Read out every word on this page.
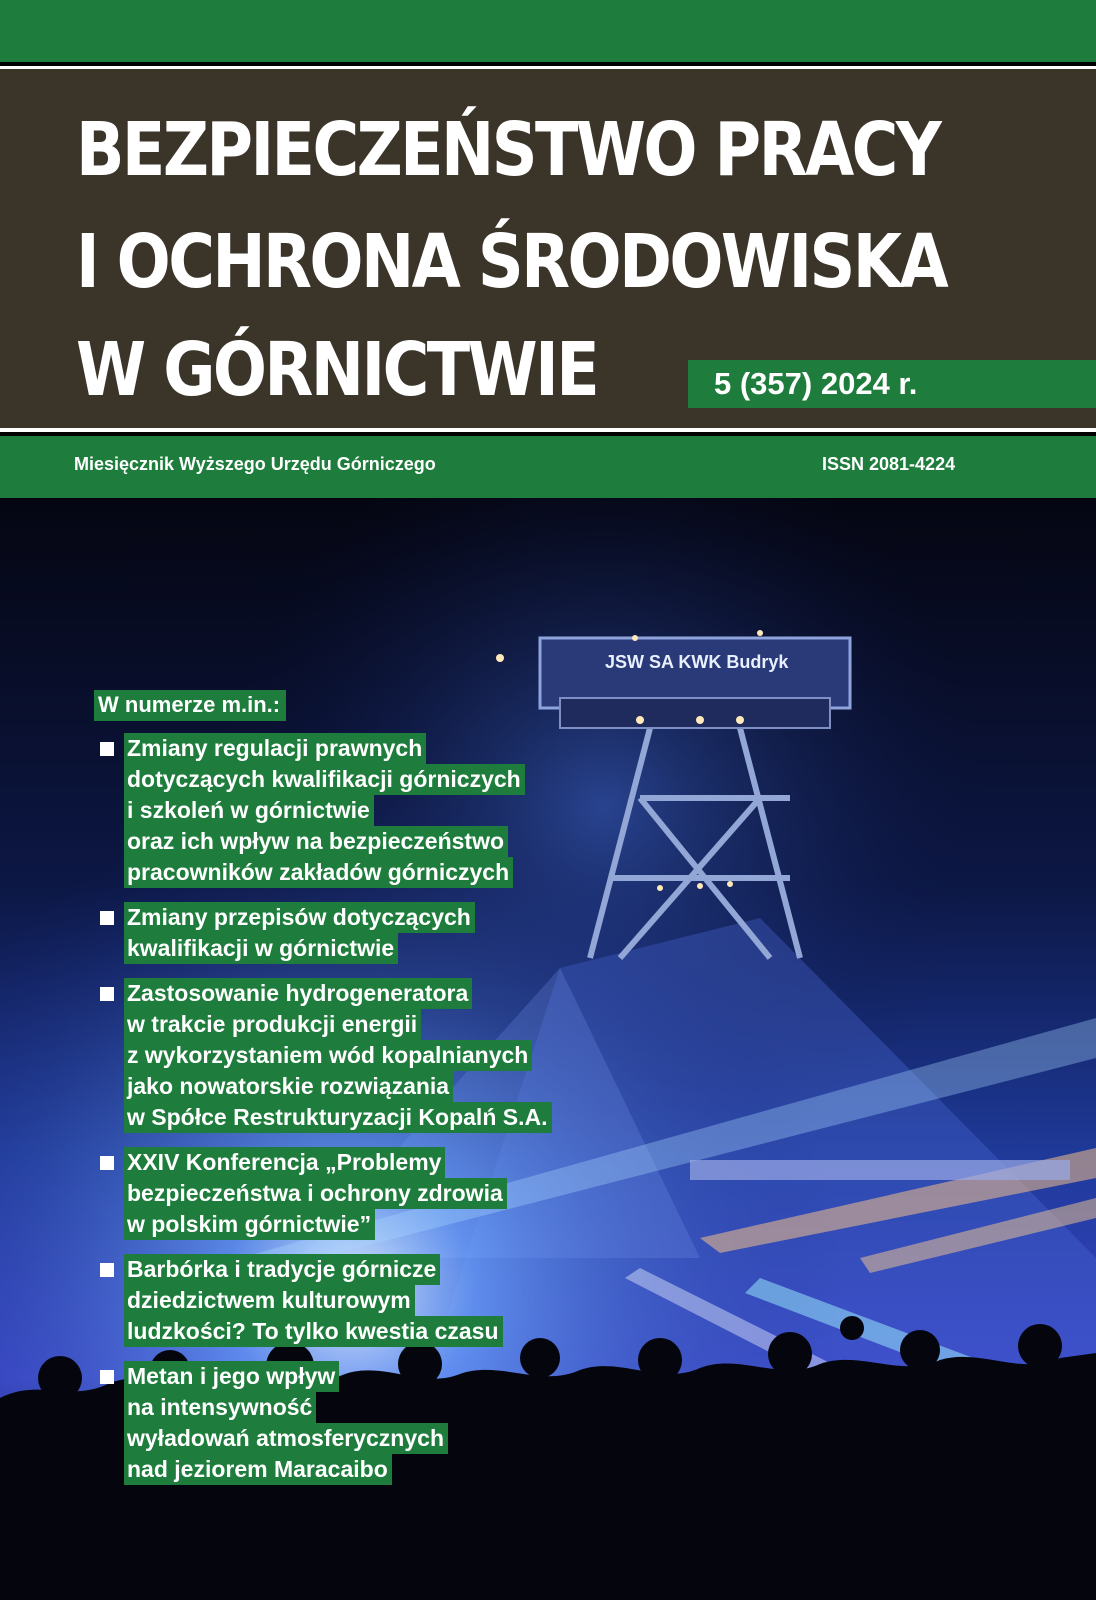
BEZPIECZEŃSTWO PRACY
I OCHRONA ŚRODOWISKA
W GÓRNICTWIE	5 (357) 2024 r.
Miesięcznik Wyższego Urzędu Górniczego	ISSN 2081-4224
JSW SA KWK Budryk
W numerze m.in.:
Zmiany regulacji prawnych
dotyczących kwalifikacji górniczych
i szkoleń w górnictwie
oraz ich wpływ na bezpieczeństwo
pracowników zakładów górniczych
Zmiany przepisów dotyczących
kwalifikacji w górnictwie
Zastosowanie hydrogeneratora
w trakcie produkcji energii
z wykorzystaniem wód kopalnianych
jako nowatorskie rozwiązania
w Spółce Restrukturyzacji Kopalń S.A.
XXIV Konferencja „Problemy
bezpieczeństwa i ochrony zdrowia
w polskim górnictwie”
Barbórka i tradycje górnicze
dziedzictwem kulturowym
ludzkości? To tylko kwestia czasu
Metan i jego wpływ
na intensywność
wyładowań atmosferycznych
nad jeziorem Maracaibo
